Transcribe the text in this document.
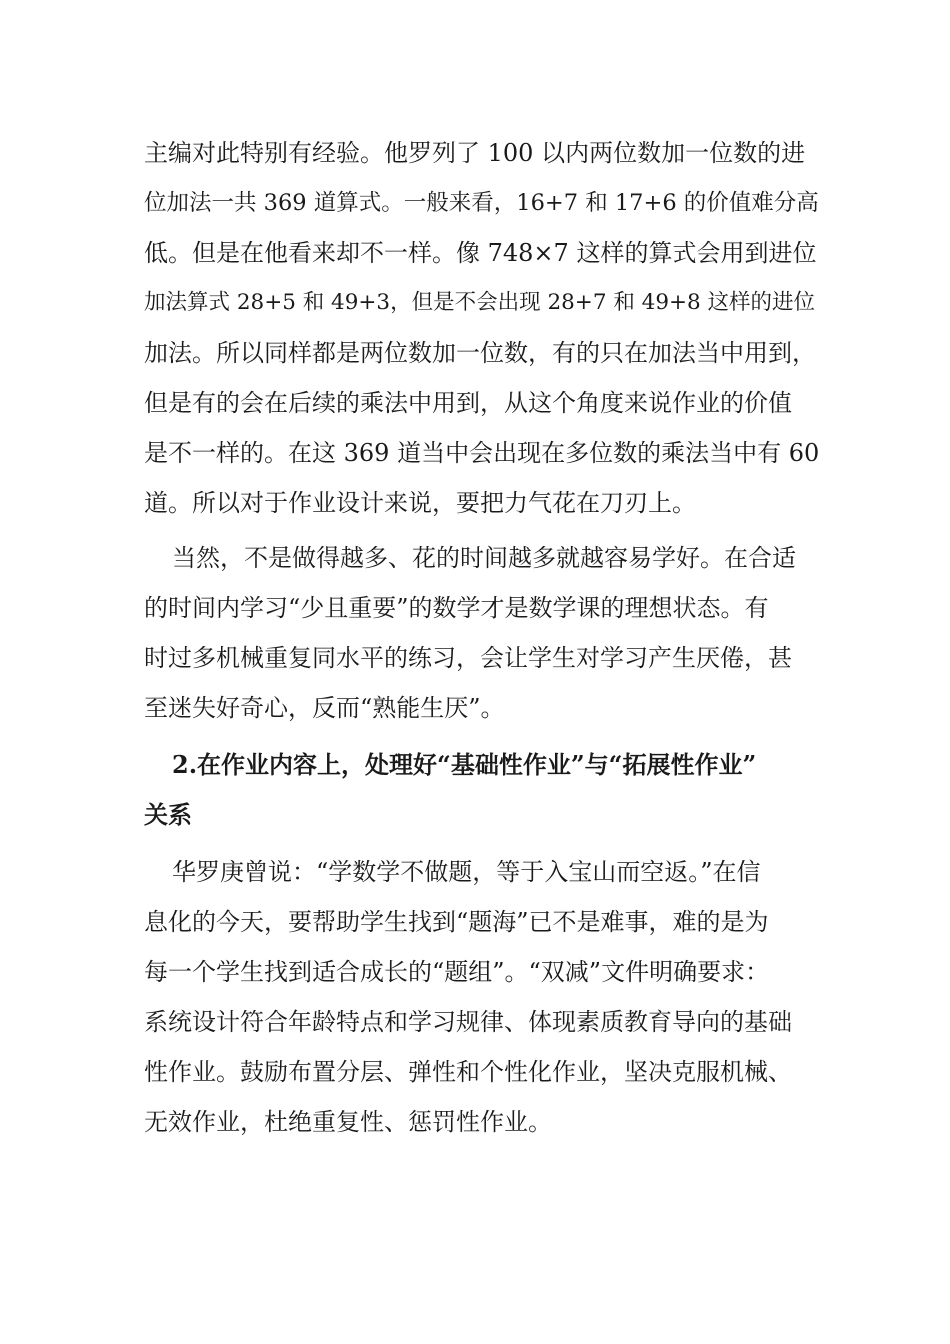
主编对此特别有经验。他罗列了 100 以内两位数加一位数的进
位加法一共 369 道算式。一般来看，16+7 和 17+6 的价值难分高
低。但是在他看来却不一样。像 748×7 这样的算式会用到进位
加法算式 28+5 和 49+3，但是不会出现 28+7 和 49+8 这样的进位
加法。所以同样都是两位数加一位数，有的只在加法当中用到，
但是有的会在后续的乘法中用到，从这个角度来说作业的价值
是不一样的。在这 369 道当中会出现在多位数的乘法当中有 60
道。所以对于作业设计来说，要把力气花在刀刃上。
当然，不是做得越多、花的时间越多就越容易学好。在合适
的时间内学习“少且重要”的数学才是数学课的理想状态。有
时过多机械重复同水平的练习，会让学生对学习产生厌倦，甚
至迷失好奇心，反而“熟能生厌”。
2.在作业内容上，处理好“基础性作业”与“拓展性作业”
关系
华罗庚曾说：“学数学不做题，等于入宝山而空返。”在信
息化的今天，要帮助学生找到“题海”已不是难事，难的是为
每一个学生找到适合成长的“题组”。“双减”文件明确要求：
系统设计符合年龄特点和学习规律、体现素质教育导向的基础
性作业。鼓励布置分层、弹性和个性化作业，坚决克服机械、
无效作业，杜绝重复性、惩罚性作业。
